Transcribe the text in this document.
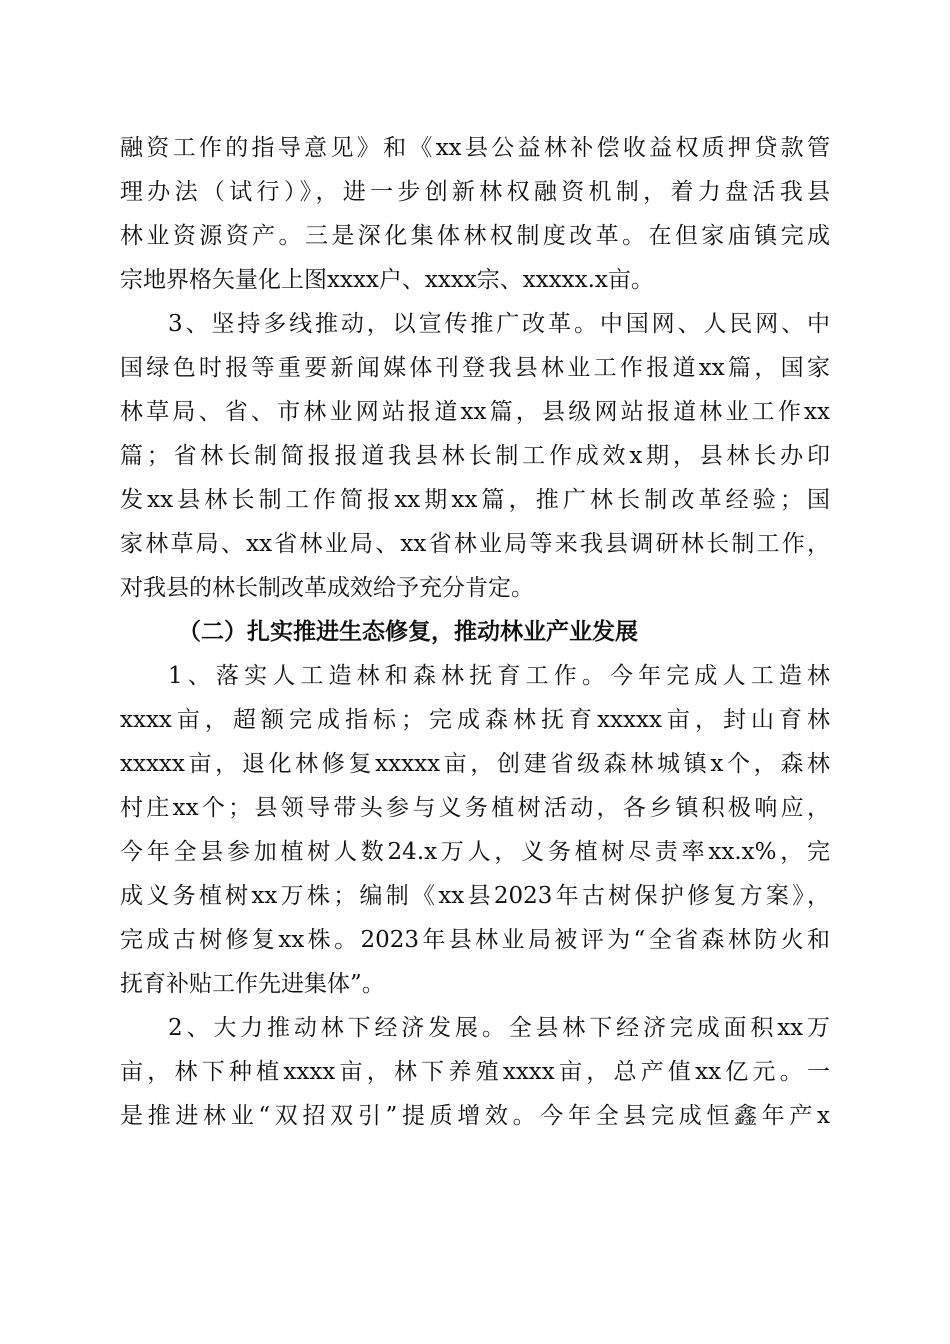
融资工作的指导意见》和《xx县公益林补偿收益权质押贷款管
理办法（试行）》，进一步创新林权融资机制，着力盘活我县
林业资源资产。三是深化集体林权制度改革。在但家庙镇完成
宗地界格矢量化上图xxxx户、xxxx宗、xxxxx.x亩。
3、坚持多线推动，以宣传推广改革。中国网、人民网、中
国绿色时报等重要新闻媒体刊登我县林业工作报道xx篇，国家
林草局、省、市林业网站报道xx篇，县级网站报道林业工作xx
篇；省林长制简报报道我县林长制工作成效x期，县林长办印
发xx县林长制工作简报xx期xx篇，推广林长制改革经验；国
家林草局、xx省林业局、xx省林业局等来我县调研林长制工作，
对我县的林长制改革成效给予充分肯定。
（二）扎实推进生态修复，推动林业产业发展
1、落实人工造林和森林抚育工作。今年完成人工造林
xxxx亩，超额完成指标；完成森林抚育xxxxx亩，封山育林
xxxxx亩，退化林修复xxxxx亩，创建省级森林城镇x个，森林
村庄xx个；县领导带头参与义务植树活动，各乡镇积极响应，
今年全县参加植树人数24.x万人，义务植树尽责率xx.x%，完
成义务植树xx万株；编制《xx县2023年古树保护修复方案》，
完成古树修复xx株。2023年县林业局被评为“全省森林防火和
抚育补贴工作先进集体”。
2、大力推动林下经济发展。全县林下经济完成面积xx万
亩，林下种植xxxx亩，林下养殖xxxx亩，总产值xx亿元。一
是推进林业“双招双引”提质增效。今年全县完成恒鑫年产x
